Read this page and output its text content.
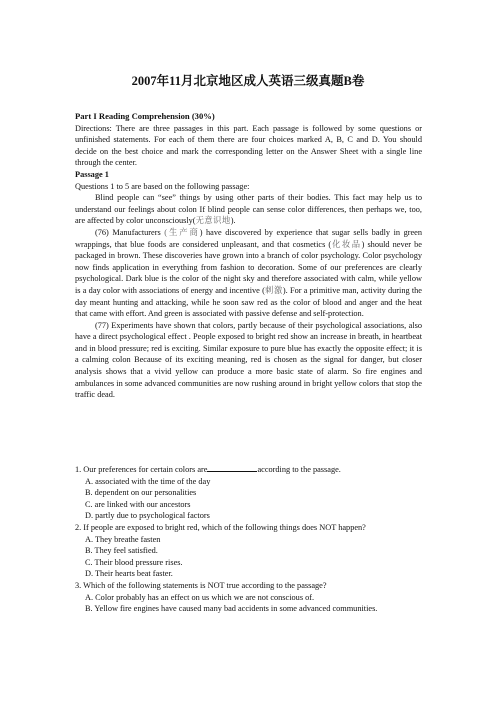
2007年11月北京地区成人英语三级真题B卷

Part I Reading Comprehension (30%)

Directions: There are three passages in this part. Each passage is followed by some questions or unfinished statements. For each of them there are four choices marked A, B, C and D. You should decide on the best choice and mark the corresponding letter on the Answer Sheet with a single line through the center.

Passage 1

Questions 1 to 5 are based on the following passage:

Blind people can “see” things by using other parts of their bodies. This fact may help us to understand our feelings about colon If blind people can sense color differences, then perhaps we, too, are affected by color unconsciously(无意识地).

(76) Manufacturers (生产商) have discovered by experience that sugar sells badly in green wrappings, that blue foods are considered unpleasant, and that cosmetics (化妆品) should never be packaged in brown. These discoveries have grown into a branch of color psychology. Color psychology now finds application in everything from fashion to decoration. Some of our preferences are clearly psychological. Dark blue is the color of the night sky and therefore associated with calm, while yellow is a day color with associations of energy and incentive (刺激). For a primitive man, activity during the day meant hunting and attacking, while he soon saw red as the color of blood and anger and the heat that came with effort. And green is associated with passive defense and self-protection.

(77) Experiments have shown that colors, partly because of their psychological associations, also have a direct psychological effect . People exposed to bright red show an increase in breath, in heartbeat and in blood pressure; red is exciting. Similar exposure to pure blue has exactly the opposite effect; it is a calming colon Because of its exciting meaning, red is chosen as the signal for danger, but closer analysis shows that a vivid yellow can produce a more basic state of alarm. So fire engines and ambulances in some advanced communities are now rushing around in bright yellow colors that stop the traffic dead.

1. Our preferences for certain colors are	according to the passage.

A. associated with the time of the day

B. dependent on our personalities

C. are linked with our ancestors

D. partly due to psychological factors

2. If people are exposed to bright red, which of the following things does NOT happen?

A. They breathe fasten

B. They feel satisfied.

C. Their blood pressure rises.

D. Their hearts beat faster.

3. Which of the following statements is NOT true according to the passage?

A. Color probably has an effect on us which we are not conscious of.

B. Yellow fire engines have caused many bad accidents in some advanced communities.
